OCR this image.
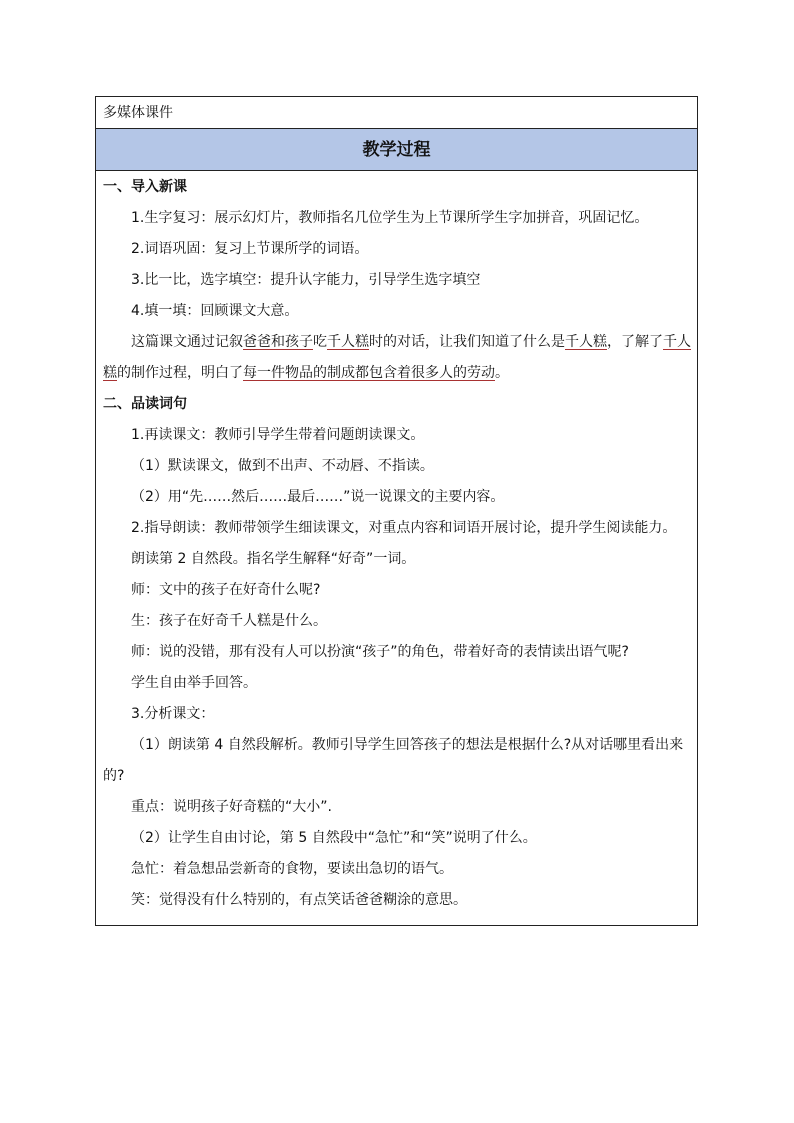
多媒体课件
教学过程

一、导入新课

1.生字复习：展示幻灯片，教师指名几位学生为上节课所学生字加拼音，巩固记忆。

2.词语巩固：复习上节课所学的词语。

3.比一比，选字填空：提升认字能力，引导学生选字填空

4.填一填：回顾课文大意。

这篇课文通过记叙爸爸和孩子吃千人糕时的对话，让我们知道了什么是千人糕，了解了千人糕的制作过程，明白了每一件物品的制成都包含着很多人的劳动。

二、品读词句

1.再读课文：教师引导学生带着问题朗读课文。

（1）默读课文，做到不出声、不动唇、不指读。

（2）用“先……然后……最后……”说一说课文的主要内容。

2.指导朗读：教师带领学生细读课文，对重点内容和词语开展讨论，提升学生阅读能力。

朗读第 2 自然段。指名学生解释“好奇”一词。

师：文中的孩子在好奇什么呢?

生：孩子在好奇千人糕是什么。

师：说的没错，那有没有人可以扮演“孩子”的角色，带着好奇的表情读出语气呢?

学生自由举手回答。

3.分析课文：

（1）朗读第 4 自然段解析。教师引导学生回答孩子的想法是根据什么?从对话哪里看出来的?

重点：说明孩子好奇糕的“大小”.

（2）让学生自由讨论，第 5 自然段中“急忙”和“笑”说明了什么。

急忙：着急想品尝新奇的食物，要读出急切的语气。

笑：觉得没有什么特别的，有点笑话爸爸糊涂的意思。
